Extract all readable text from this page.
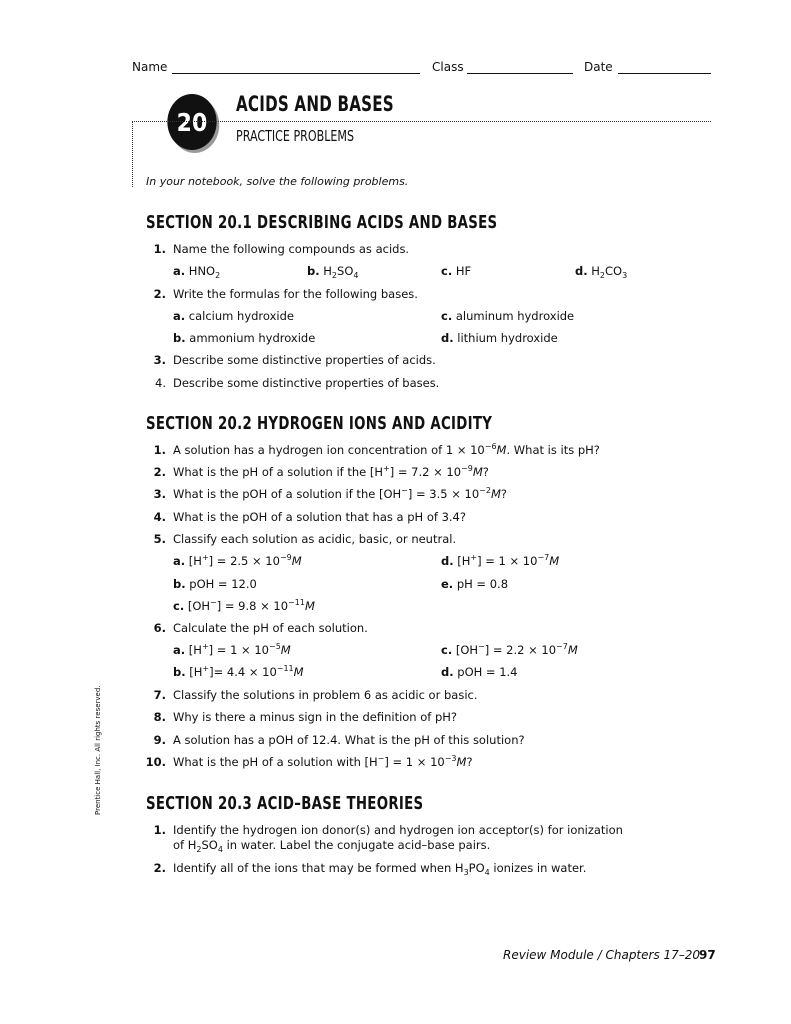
Name	Class	Date
20
ACIDS AND BASES
PRACTICE PROBLEMS
In your notebook, solve the following problems.
SECTION 20.1 DESCRIBING ACIDS AND BASES
1. Name the following compounds as acids.
a. $HNO_2$	b. $H_2SO_4$	c. HF	d. $H_2CO_3$
2. Write the formulas for the following bases.
a. calcium hydroxide	c. aluminum hydroxide
b. ammonium hydroxide	d. lithium hydroxide
3. Describe some distinctive properties of acids.
4. Describe some distinctive properties of bases.
SECTION 20.2 HYDROGEN IONS AND ACIDITY
1. A solution has a hydrogen ion concentration of $1 \times 10^{-6}M$. What is its pH?
2. What is the pH of a solution if the $[H^+] = 7.2 \times 10^{-9}M$?
3. What is the pOH of a solution if the $[OH^-] = 3.5 \times 10^{-2}M$?
4. What is the pOH of a solution that has a pH of 3.4?
5. Classify each solution as acidic, basic, or neutral.
a. $[H^+] = 2.5 \times 10^{-9}M$	d. $[H^+] = 1 \times 10^{-7}M$
b. pOH = 12.0	e. pH = 0.8
c. $[OH^-] = 9.8 \times 10^{-11}M$
6. Calculate the pH of each solution.
a. $[H^+] = 1 \times 10^{-5}M$	c. $[OH^-] = 2.2 \times 10^{-7}M$
b. $[H^+]= 4.4 \times 10^{-11}M$	d. pOH = 1.4
7. Classify the solutions in problem 6 as acidic or basic.
8. Why is there a minus sign in the definition of pH?
9. A solution has a pOH of 12.4. What is the pH of this solution?
10. What is the pH of a solution with $[H^-] = 1 \times 10^{-3}M$?
SECTION 20.3 ACID–BASE THEORIES
1. Identify the hydrogen ion donor(s) and hydrogen ion acceptor(s) for ionization
of $H_2SO_4$ in water. Label the conjugate acid–base pairs.
2. Identify all of the ions that may be formed when $H_3PO_4$ ionizes in water.
Prentice Hall, Inc. All rights reserved.
Review Module / Chapters 17–20
97
